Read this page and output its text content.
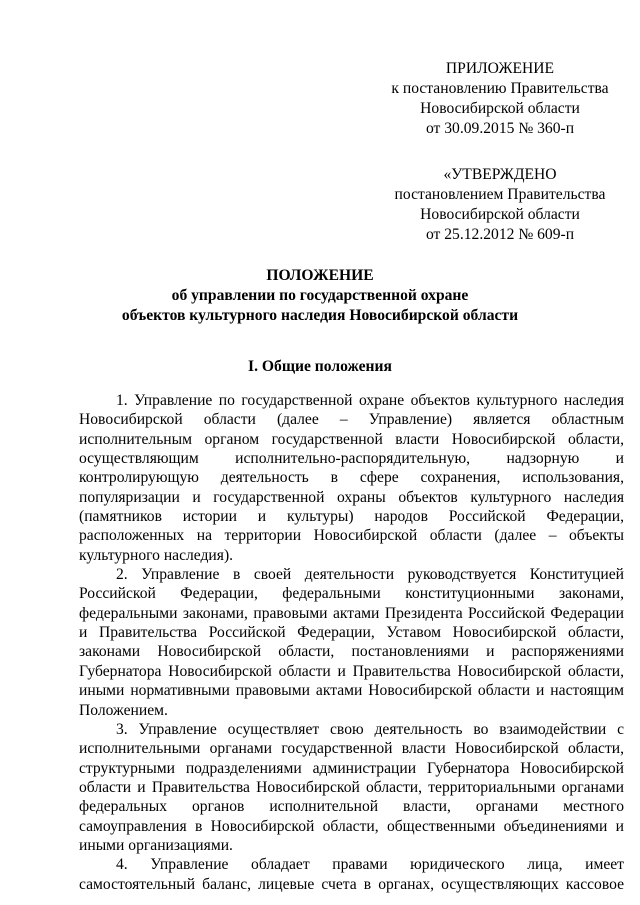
ПРИЛОЖЕНИЕ
к постановлению Правительства
Новосибирской области
от 30.09.2015 № 360-п
«УТВЕРЖДЕНО
постановлением Правительства
Новосибирской области
от 25.12.2012 № 609-п
ПОЛОЖЕНИЕ
об управлении по государственной охране
объектов культурного наследия Новосибирской области
I. Общие положения

1. Управление по государственной охране объектов культурного наследия Новосибирской области (далее – Управление) является областным исполнительным органом государственной власти Новосибирской области, осуществляющим исполнительно-распорядительную, надзорную и контролирующую деятельность в сфере сохранения, использования, популяризации и государственной охраны объектов культурного наследия (памятников истории и культуры) народов Российской Федерации, расположенных на территории Новосибирской области (далее – объекты культурного наследия).

2. Управление в своей деятельности руководствуется Конституцией Российской Федерации, федеральными конституционными законами, федеральными законами, правовыми актами Президента Российской Федерации и Правительства Российской Федерации, Уставом Новосибирской области, законами Новосибирской области, постановлениями и распоряжениями Губернатора Новосибирской области и Правительства Новосибирской области, иными нормативными правовыми актами Новосибирской области и настоящим Положением.

3. Управление осуществляет свою деятельность во взаимодействии с исполнительными органами государственной власти Новосибирской области, структурными подразделениями администрации Губернатора Новосибирской области и Правительства Новосибирской области, территориальными органами федеральных органов исполнительной власти, органами местного самоуправления в Новосибирской области, общественными объединениями и иными организациями.

4. Управление обладает правами юридического лица, имеет самостоятельный баланс, лицевые счета в органах, осуществляющих кассовое
